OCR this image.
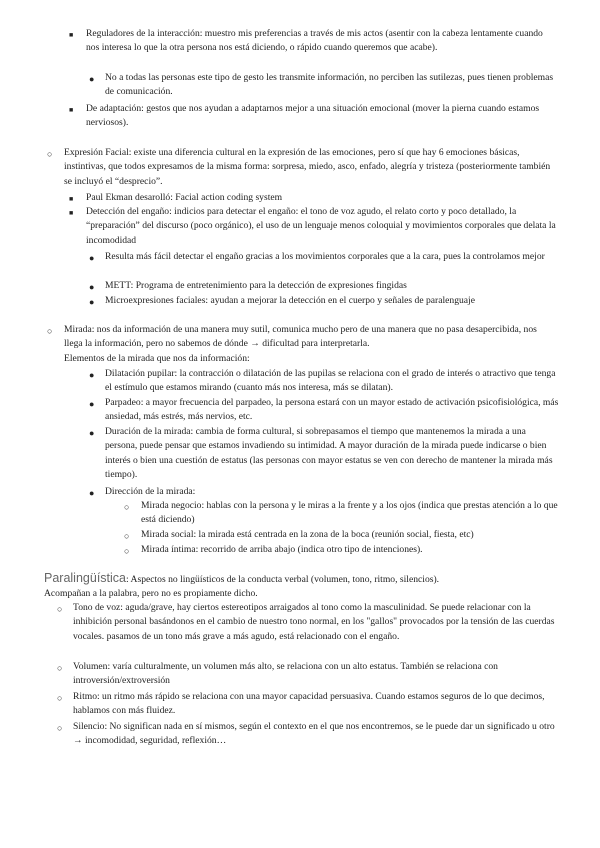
■ Reguladores de la interacción: muestro mis preferencias a través de mis actos (asentir con la cabeza lentamente cuando nos interesa lo que la otra persona nos está diciendo, o rápido cuando queremos que acabe).

● No a todas las personas este tipo de gesto les transmite información, no perciben las sutilezas, pues tienen problemas de comunicación.

■ De adaptación: gestos que nos ayudan a adaptarnos mejor a una situación emocional (mover la pierna cuando estamos nerviosos).

○ Expresión Facial: existe una diferencia cultural en la expresión de las emociones, pero sí que hay 6 emociones básicas, instintivas, que todos expresamos de la misma forma: sorpresa, miedo, asco, enfado, alegría y tristeza (posteriormente también se incluyó el “desprecio”.

■ Paul Ekman desarolló: Facial action coding system

■ Detección del engaño: indicios para detectar el engaño: el tono de voz agudo, el relato corto y poco detallado, la “preparación” del discurso (poco orgánico), el uso de un lenguaje menos coloquial y movimientos corporales que delata la incomodidad

● Resulta más fácil detectar el engaño gracias a los movimientos corporales que a la cara, pues la controlamos mejor

● METT: Programa de entretenimiento para la detección de expresiones fingidas

● Microexpresiones faciales: ayudan a mejorar la detección en el cuerpo y señales de paralenguaje

○ Mirada: nos da información de una manera muy sutil, comunica mucho pero de una manera que no pasa desapercibida, nos llega la información, pero no sabemos de dónde → dificultad para interpretarla.

Elementos de la mirada que nos da información:

● Dilatación pupilar: la contracción o dilatación de las pupilas se relaciona con el grado de interés o atractivo que tenga el estímulo que estamos mirando (cuanto más nos interesa, más se dilatan).

● Parpadeo: a mayor frecuencia del parpadeo, la persona estará con un mayor estado de activación psicofisiológica, más ansiedad, más estrés, más nervios, etc.

● Duración de la mirada: cambia de forma cultural, si sobrepasamos el tiempo que mantenemos la mirada a una persona, puede pensar que estamos invadiendo su intimidad. A mayor duración de la mirada puede indicarse o bien interés o bien una cuestión de estatus (las personas con mayor estatus se ven con derecho de mantener la mirada más tiempo).

● Dirección de la mirada:

○ Mirada negocio: hablas con la persona y le miras a la frente y a los ojos (indica que prestas atención a lo que está diciendo)

○ Mirada social: la mirada está centrada en la zona de la boca (reunión social, fiesta, etc)

○ Mirada íntima: recorrido de arriba abajo (indica otro tipo de intenciones).

Paralingüística: Aspectos no lingüísticos de la conducta verbal (volumen, tono, ritmo, silencios).

Acompañan a la palabra, pero no es propiamente dicho.

○ Tono de voz: aguda/grave, hay ciertos estereotipos arraigados al tono como la masculinidad. Se puede relacionar con la inhibición personal basándonos en el cambio de nuestro tono normal, en los "gallos" provocados por la tensión de las cuerdas vocales. pasamos de un tono más grave a más agudo, está relacionado con el engaño.

○ Volumen: varía culturalmente, un volumen más alto, se relaciona con un alto estatus. También se relaciona con introversión/extroversión

○ Ritmo: un ritmo más rápido se relaciona con una mayor capacidad persuasiva. Cuando estamos seguros de lo que decimos, hablamos con más fluidez.

○ Silencio: No significan nada en sí mismos, según el contexto en el que nos encontremos, se le puede dar un significado u otro → incomodidad, seguridad, reflexión…
